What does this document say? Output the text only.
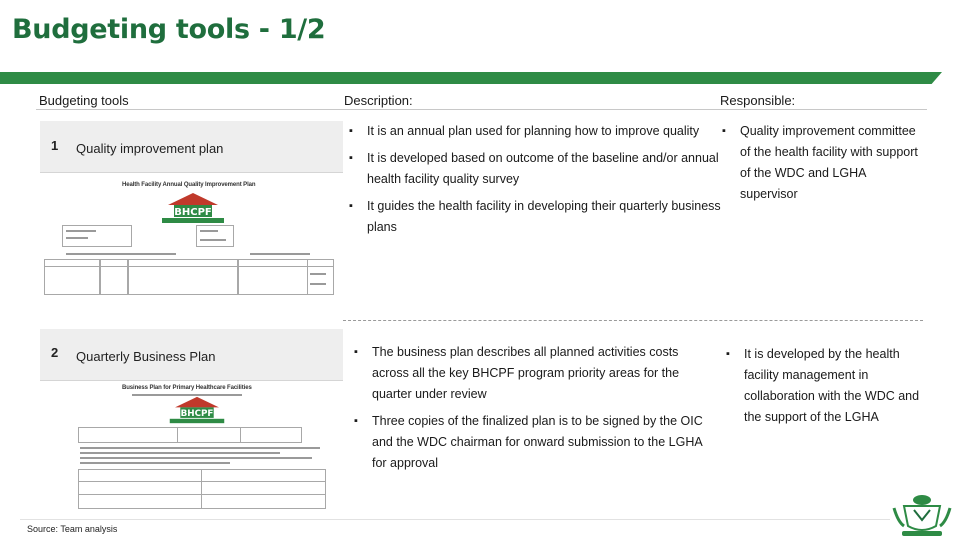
Budgeting tools - 1/2
Budgeting tools	Description:	Responsible:
1 Quality improvement plan
Health Facility Annual Quality Improvement Plan
BHCPF
▪ It is an annual plan used for planning how to improve quality
▪ It is developed based on outcome of the baseline and/or annual health facility quality survey
▪ It guides the health facility in developing their quarterly business plans
▪ Quality improvement committee of the health facility with support of the WDC and LGHA supervisor
2 Quarterly Business Plan
Business Plan for Primary Healthcare Facilities
BHCPF
▪ The business plan describes all planned activities costs across all the key BHCPF program priority areas for the quarter under review
▪ Three copies of the finalized plan is to be signed by the OIC and the WDC chairman for onward submission to the LGHA for approval
▪ It is developed by the health facility management in collaboration with the WDC and the support of the LGHA
Source: Team analysis
